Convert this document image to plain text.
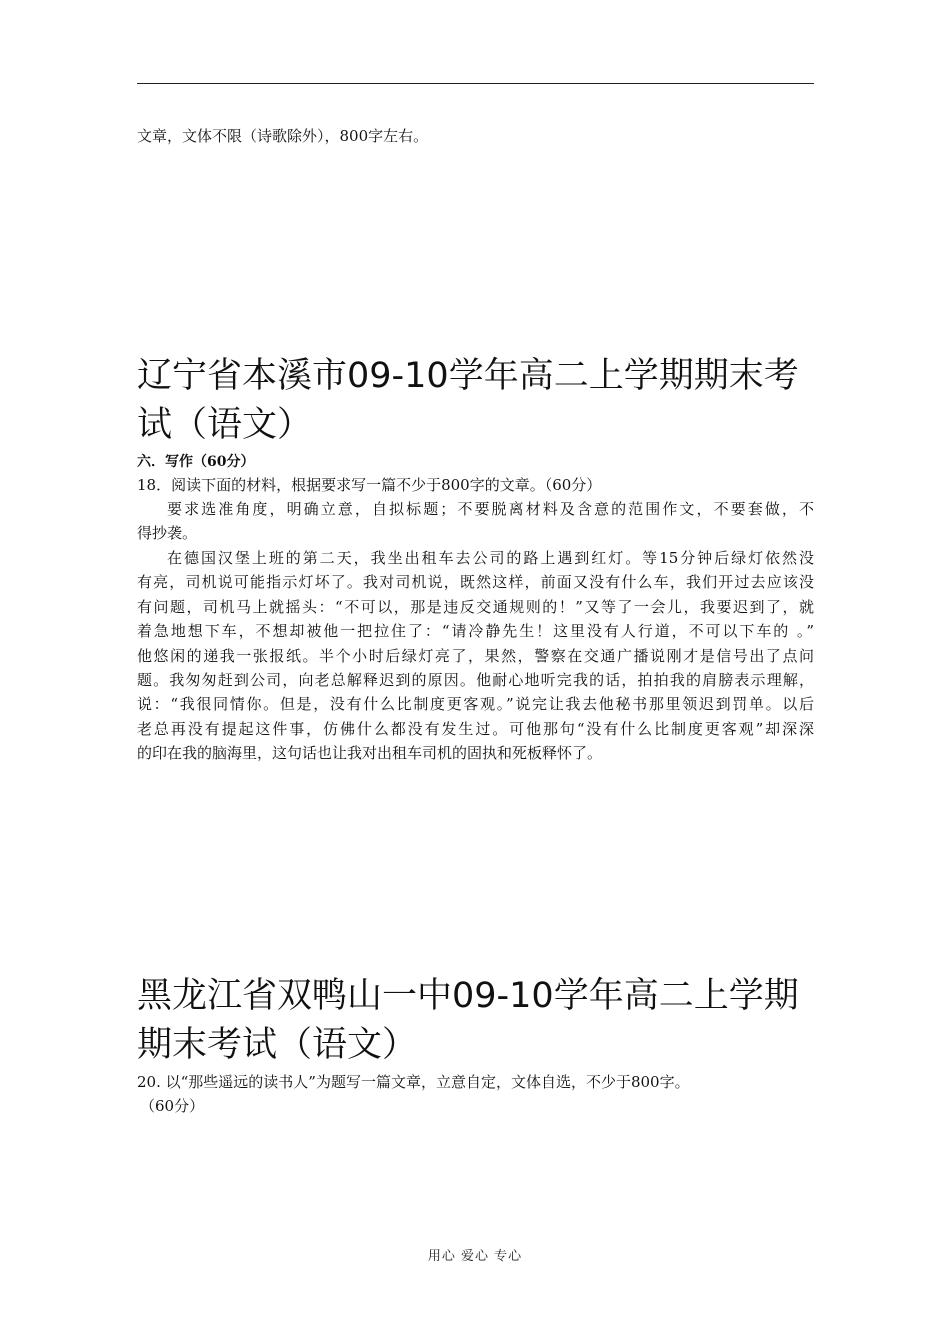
文章，文体不限（诗歌除外），800字左右。
辽宁省本溪市09-10学年高二上学期期末考
试（语文）
六．写作（60分）
18．阅读下面的材料，根据要求写一篇不少于800字的文章。（60分）
要求选准角度，明确立意，自拟标题；不要脱离材料及含意的范围作文，不要套做，不
得抄袭。
在德国汉堡上班的第二天，我坐出租车去公司的路上遇到红灯。等15分钟后绿灯依然没
有亮，司机说可能指示灯坏了。我对司机说，既然这样，前面又没有什么车，我们开过去应该没
有问题，司机马上就摇头：“不可以，那是违反交通规则的！”又等了一会儿，我要迟到了，就
着急地想下车，不想却被他一把拉住了：“请冷静先生！这里没有人行道，不可以下车的 。”
他悠闲的递我一张报纸。半个小时后绿灯亮了，果然，警察在交通广播说刚才是信号出了点问
题。我匆匆赶到公司，向老总解释迟到的原因。他耐心地听完我的话，拍拍我的肩膀表示理解，
说：“我很同情你。但是，没有什么比制度更客观。”说完让我去他秘书那里领迟到罚单。以后
老总再没有提起这件事，仿佛什么都没有发生过。可他那句“没有什么比制度更客观”却深深
的印在我的脑海里，这句话也让我对出租车司机的固执和死板释怀了。
黑龙江省双鸭山一中09-10学年高二上学期
期末考试（语文）
20. 以“那些遥远的读书人”为题写一篇文章，立意自定，文体自选，不少于800字。
（60分）
用心 爱心 专心
